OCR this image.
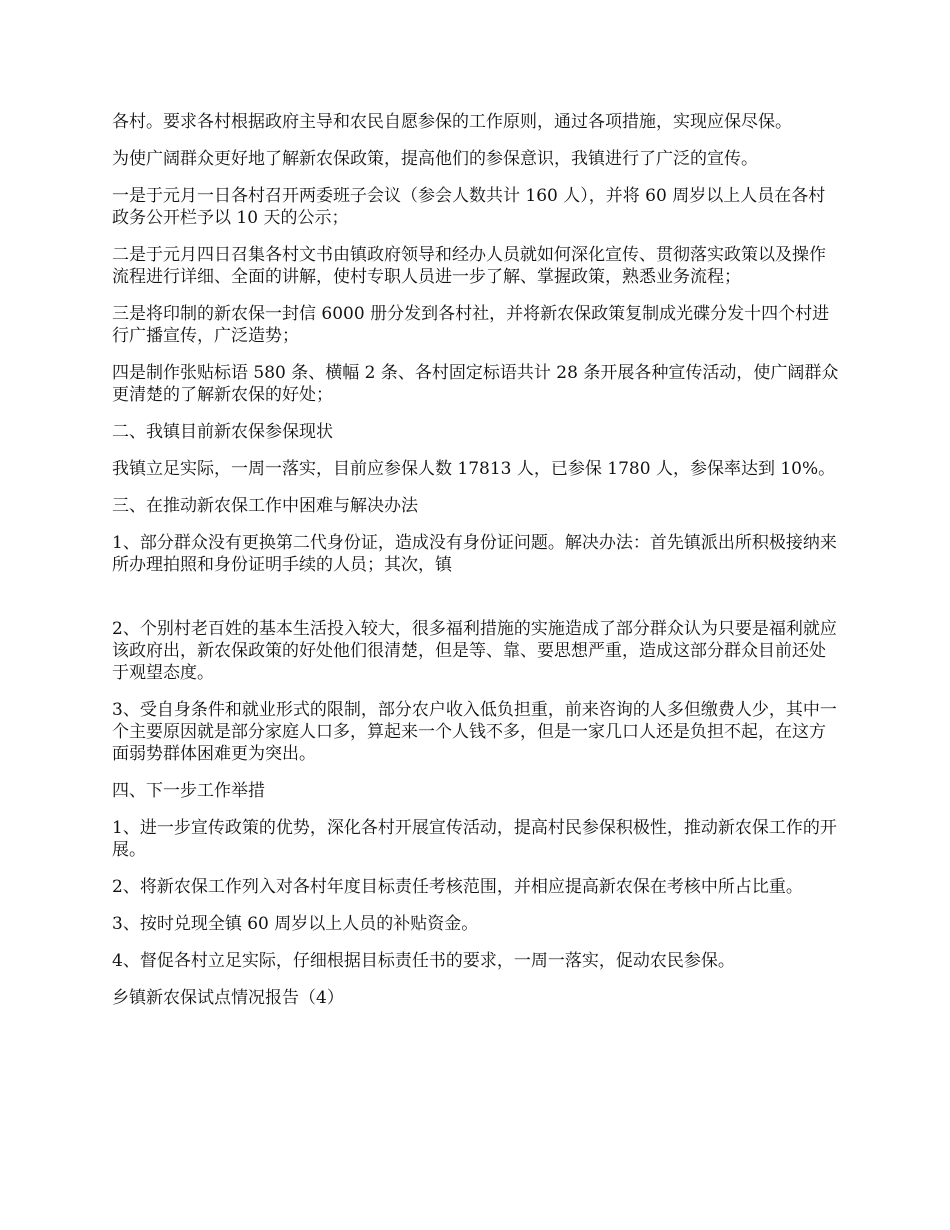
各村。要求各村根据政府主导和农民自愿参保的工作原则，通过各项措施，实现应保尽保。

为使广阔群众更好地了解新农保政策，提高他们的参保意识，我镇进行了广泛的宣传。

一是于元月一日各村召开两委班子会议（参会人数共计 160 人），并将 60 周岁以上人员在各村政务公开栏予以 10 天的公示；

二是于元月四日召集各村文书由镇政府领导和经办人员就如何深化宣传、贯彻落实政策以及操作流程进行详细、全面的讲解，使村专职人员进一步了解、掌握政策，熟悉业务流程；

三是将印制的新农保一封信 6000 册分发到各村社，并将新农保政策复制成光碟分发十四个村进行广播宣传，广泛造势；

四是制作张贴标语 580 条、横幅 2 条、各村固定标语共计 28 条开展各种宣传活动，使广阔群众更清楚的了解新农保的好处；

二、我镇目前新农保参保现状

我镇立足实际，一周一落实，目前应参保人数 17813 人，已参保 1780 人，参保率达到 10%。

三、在推动新农保工作中困难与解决办法

1、部分群众没有更换第二代身份证，造成没有身份证问题。解决办法：首先镇派出所积极接纳来所办理拍照和身份证明手续的人员；其次，镇

2、个别村老百姓的基本生活投入较大，很多福利措施的实施造成了部分群众认为只要是福利就应该政府出，新农保政策的好处他们很清楚，但是等、靠、要思想严重，造成这部分群众目前还处于观望态度。

3、受自身条件和就业形式的限制，部分农户收入低负担重，前来咨询的人多但缴费人少，其中一个主要原因就是部分家庭人口多，算起来一个人钱不多，但是一家几口人还是负担不起，在这方面弱势群体困难更为突出。

四、下一步工作举措

1、进一步宣传政策的优势，深化各村开展宣传活动，提高村民参保积极性，推动新农保工作的开展。

2、将新农保工作列入对各村年度目标责任考核范围，并相应提高新农保在考核中所占比重。

3、按时兑现全镇 60 周岁以上人员的补贴资金。

4、督促各村立足实际，仔细根据目标责任书的要求，一周一落实，促动农民参保。

乡镇新农保试点情况报告（4）
